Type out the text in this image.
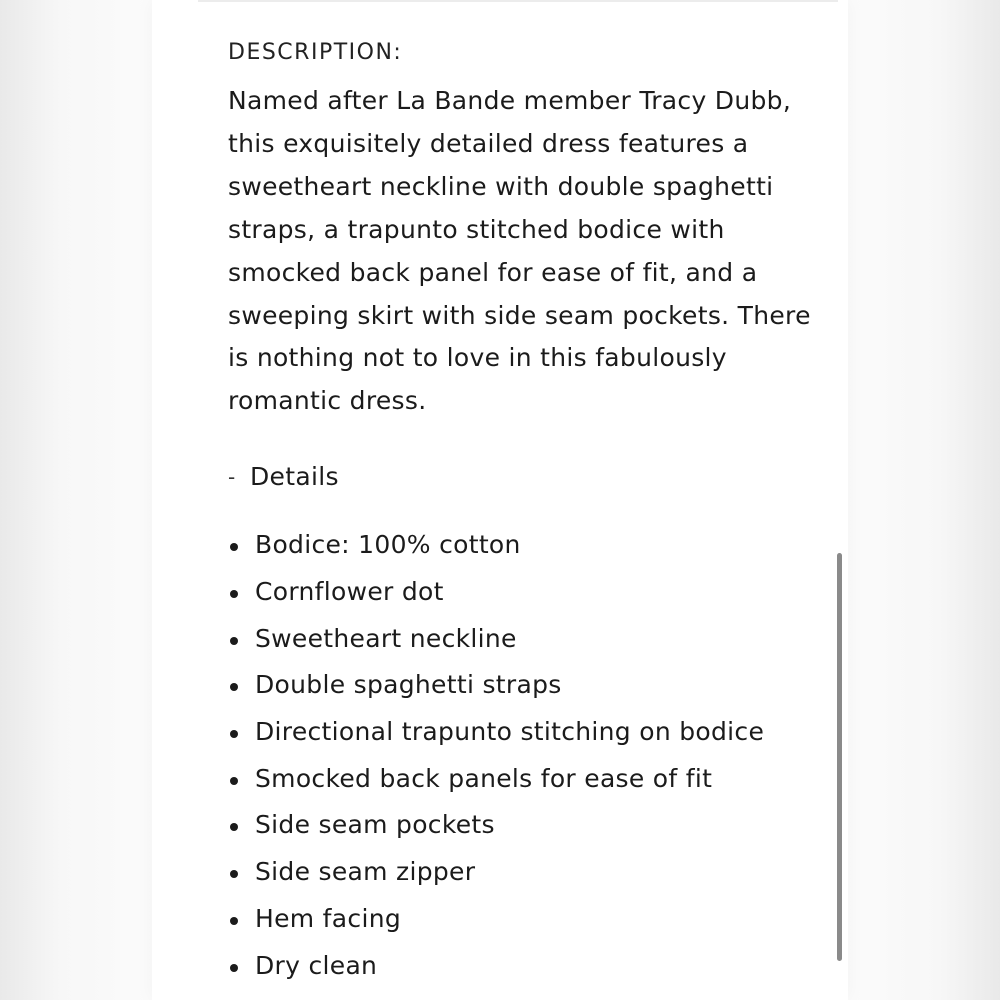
DESCRIPTION:

Named after La Bande member Tracy Dubb, this exquisitely detailed dress features a sweetheart neckline with double spaghetti straps, a trapunto stitched bodice with smocked back panel for ease of fit, and a sweeping skirt with side seam pockets. There is nothing not to love in this fabulously romantic dress.

- Details
Bodice: 100% cotton
Cornflower dot
Sweetheart neckline
Double spaghetti straps
Directional trapunto stitching on bodice
Smocked back panels for ease of fit
Side seam pockets
Side seam zipper
Hem facing
Dry clean
